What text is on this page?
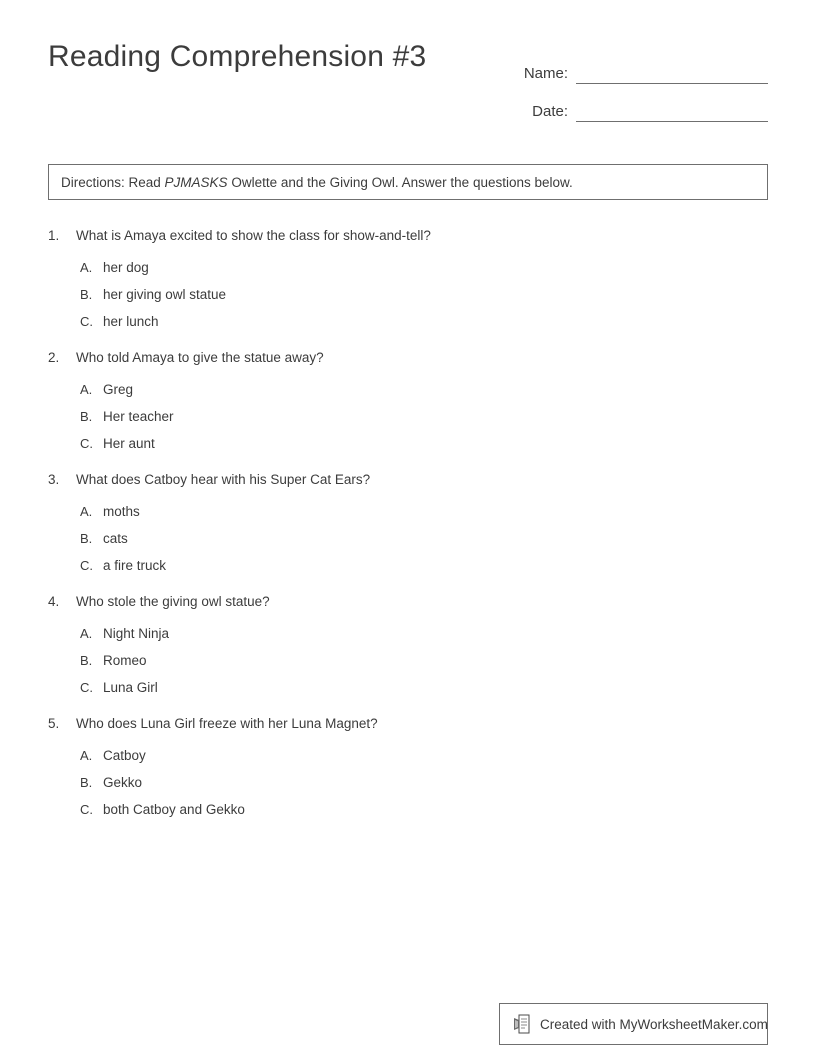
Reading Comprehension #3
Name:
Date:
Directions: Read PJMASKS Owlette and the Giving Owl. Answer the questions below.
1.	What is Amaya excited to show the class for show-and-tell?
A. her dog
B. her giving owl statue
C. her lunch
2.	Who told Amaya to give the statue away?
A. Greg
B. Her teacher
C. Her aunt
3.	What does Catboy hear with his Super Cat Ears?
A. moths
B. cats
C. a fire truck
4.	Who stole the giving owl statue?
A. Night Ninja
B. Romeo
C. Luna Girl
5.	Who does Luna Girl freeze with her Luna Magnet?
A. Catboy
B. Gekko
C. both Catboy and Gekko
Created with MyWorksheetMaker.com
